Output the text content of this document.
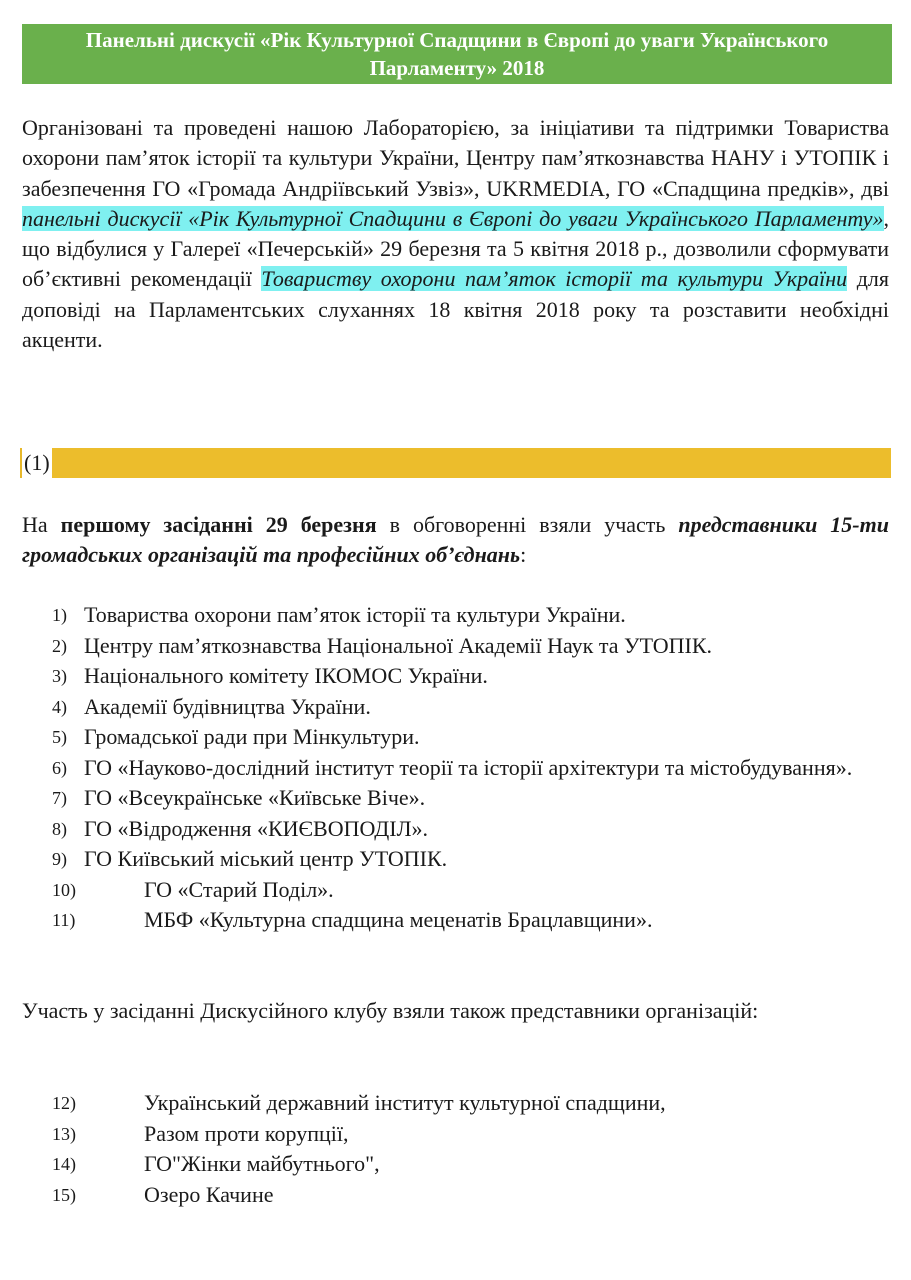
Панельні дискусії «Рік Культурної Спадщини в Європі до уваги Українського Парламенту» 2018
Організовані та проведені нашою Лабораторією, за ініціативи та підтримки Товариства охорони пам’яток історії та культури України, Центру пам’яткознавства НАНУ і УТОПІК і забезпечення ГО «Громада Андріївський Узвіз», UKRMEDIA, ГО «Спадщина предків», дві панельні дискусії «Рік Культурної Спадщини в Європі до уваги Українського Парламенту», що відбулися у Галереї «Печерській» 29 березня та 5 квітня 2018 р., дозволили сформувати об’єктивні рекомендації Товариству охорони пам’яток історії та культури України для доповіді на Парламентських слуханнях 18 квітня 2018 року та розставити необхідні акценти.
(1)
На першому засіданні 29 березня в обговоренні взяли участь представники 15-ти громадських організацій та професійних об’єднань:
1) Товариства охорони пам’яток історії та культури України.
2) Центру пам’яткознавства Національної Академії Наук та УТОПІК.
3) Національного комітету ІКОМОС України.
4) Академії будівництва України.
5) Громадської ради при Мінкультури.
6) ГО «Науково-дослідний інститут теорії та історії архітектури та містобудування».
7) ГО «Всеукраїнське «Київське Віче».
8) ГО «Відродження «КИЄВОПОДІЛ».
9) ГО Київський міський центр УТОПІК.
10)	ГО «Старий Поділ».
11)	МБФ «Культурна спадщина меценатів Брацлавщини».
Участь у засіданні Дискусійного клубу взяли також представники організацій:
12)	Український державний інститут культурної спадщини,
13)	Разом проти корупції,
14)	ГО"Жінки майбутнього",
15)	Озеро Качине
